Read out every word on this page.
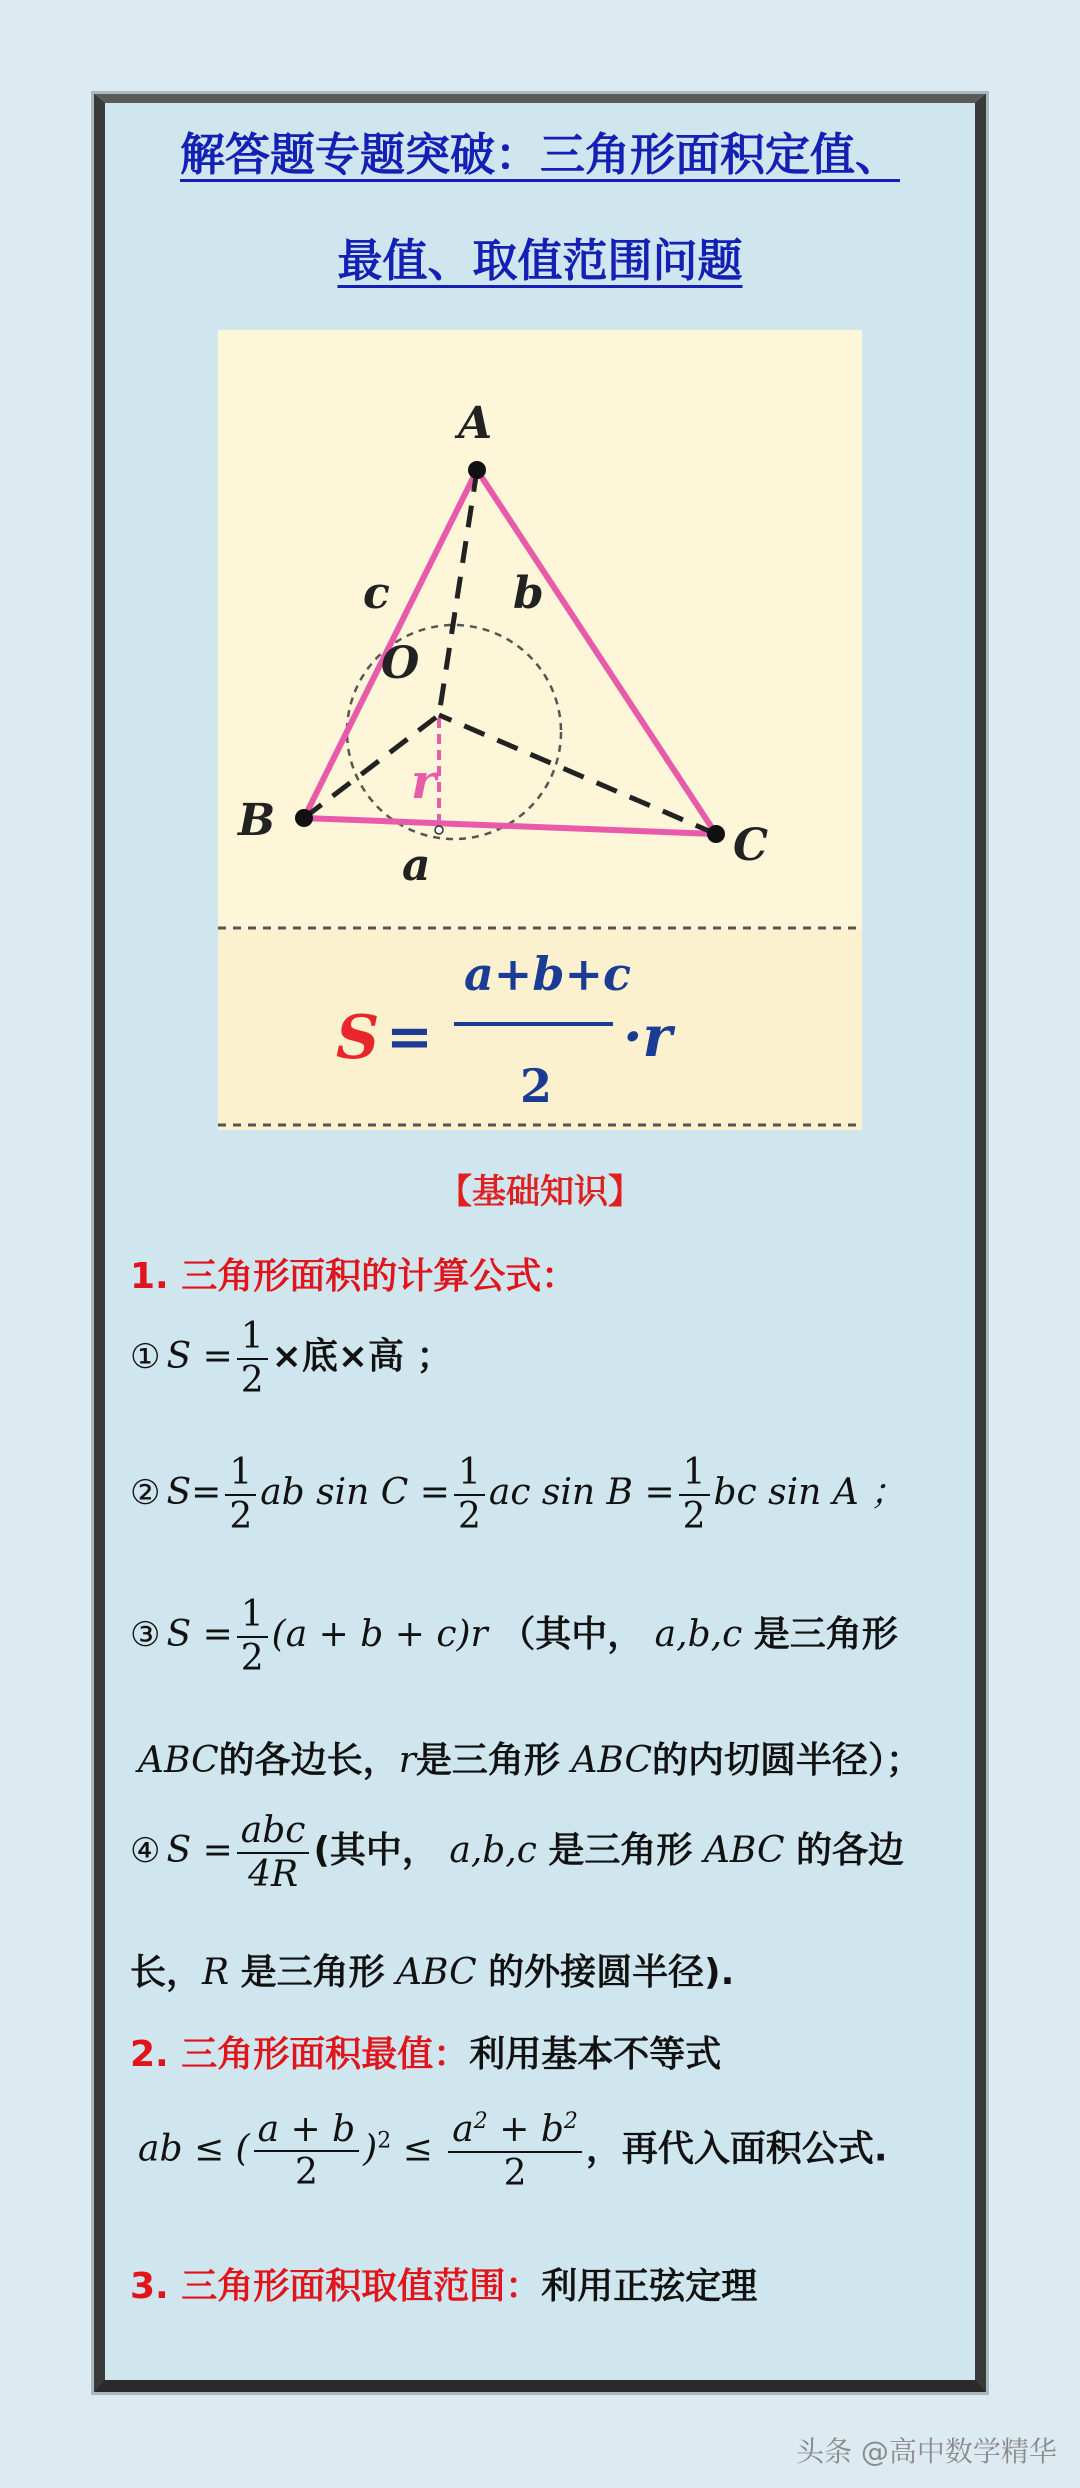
解答题专题突破：三角形面积定值、
最值、取值范围问题
A
B	C
O
c	b
a
r
S =
a+b+c
2
·r
【基础知识】
1. 三角形面积的计算公式：
① $S = \frac{1}{2}$ ×底×高 ；
② $S= \frac{1}{2}$ ab $\sin C = \frac{1}{2}$ ac $\sin B = \frac{1}{2}$ bc sin A ；
③ $S = \frac{1}{2} (a + b + c)r$ （其中， a,b,c 是三角形
ABC的各边长，r是三角形 ABC的内切圆半径）；
④ $S = \frac{\text{abc}}{4R}$ (其中， a,b,c 是三角形 ABC 的各边
长，R 是三角形 ABC 的外接圆半径).
2. 三角形面积最值：利用基本不等式
ab ≤ ( $\frac{a + b}{2} )^2 \le \frac{a^2 + b^2}{2}$ ，再代入面积公式.
3. 三角形面积取值范围：利用正弦定理
头条 @高中数学精华
